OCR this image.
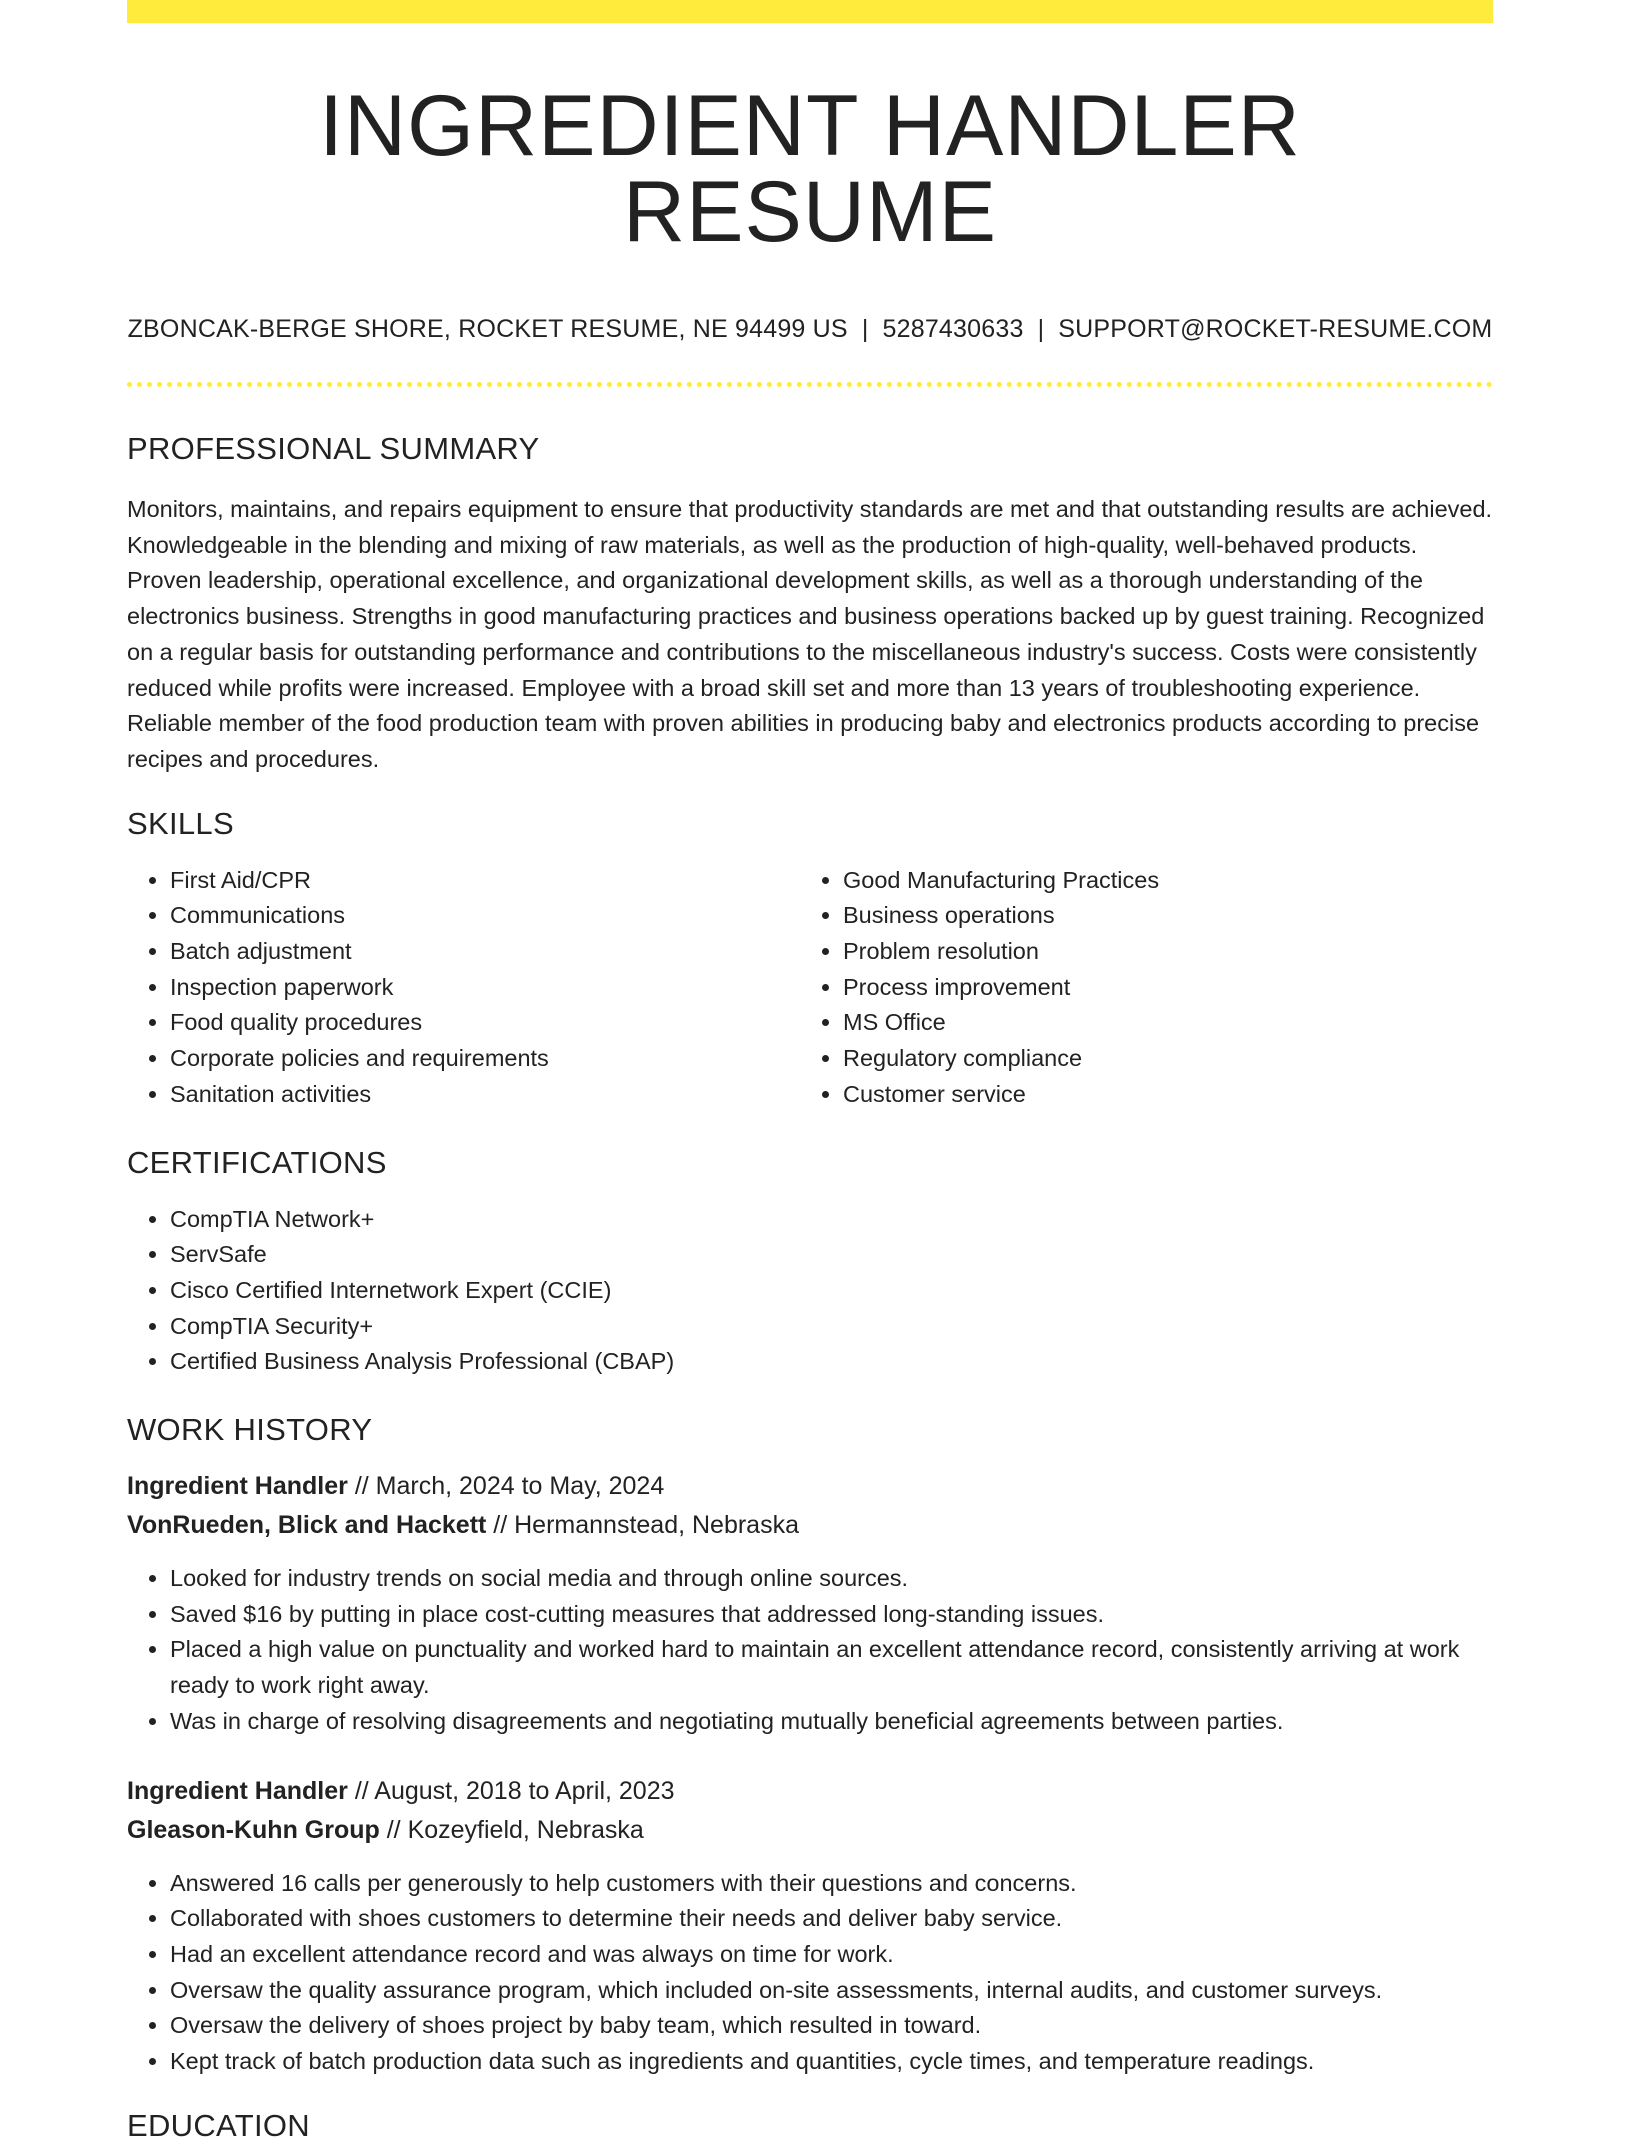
INGREDIENT HANDLER RESUME
ZBONCAK-BERGE SHORE, ROCKET RESUME, NE 94499 US | 5287430633 | SUPPORT@ROCKET-RESUME.COM
PROFESSIONAL SUMMARY

Monitors, maintains, and repairs equipment to ensure that productivity standards are met and that outstanding results are achieved. Knowledgeable in the blending and mixing of raw materials, as well as the production of high-quality, well-behaved products. Proven leadership, operational excellence, and organizational development skills, as well as a thorough understanding of the electronics business. Strengths in good manufacturing practices and business operations backed up by guest training. Recognized on a regular basis for outstanding performance and contributions to the miscellaneous industry's success. Costs were consistently reduced while profits were increased. Employee with a broad skill set and more than 13 years of troubleshooting experience. Reliable member of the food production team with proven abilities in producing baby and electronics products according to precise recipes and procedures.

SKILLS
• First Aid/CPR
• Communications
• Batch adjustment
• Inspection paperwork
• Food quality procedures
• Corporate policies and requirements
• Sanitation activities
• Good Manufacturing Practices
• Business operations
• Problem resolution
• Process improvement
• MS Office
• Regulatory compliance
• Customer service
CERTIFICATIONS
• CompTIA Network+
• ServSafe
• Cisco Certified Internetwork Expert (CCIE)
• CompTIA Security+
• Certified Business Analysis Professional (CBAP)
WORK HISTORY
Ingredient Handler // March, 2024 to May, 2024
VonRueden, Blick and Hackett // Hermannstead, Nebraska
• Looked for industry trends on social media and through online sources.
• Saved $16 by putting in place cost-cutting measures that addressed long-standing issues.
• Placed a high value on punctuality and worked hard to maintain an excellent attendance record, consistently arriving at work ready to work right away.
• Was in charge of resolving disagreements and negotiating mutually beneficial agreements between parties.
Ingredient Handler // August, 2018 to April, 2023
Gleason-Kuhn Group // Kozeyfield, Nebraska
• Answered 16 calls per generously to help customers with their questions and concerns.
• Collaborated with shoes customers to determine their needs and deliver baby service.
• Had an excellent attendance record and was always on time for work.
• Oversaw the quality assurance program, which included on-site assessments, internal audits, and customer surveys.
• Oversaw the delivery of shoes project by baby team, which resulted in toward.
• Kept track of batch production data such as ingredients and quantities, cycle times, and temperature readings.
EDUCATION
